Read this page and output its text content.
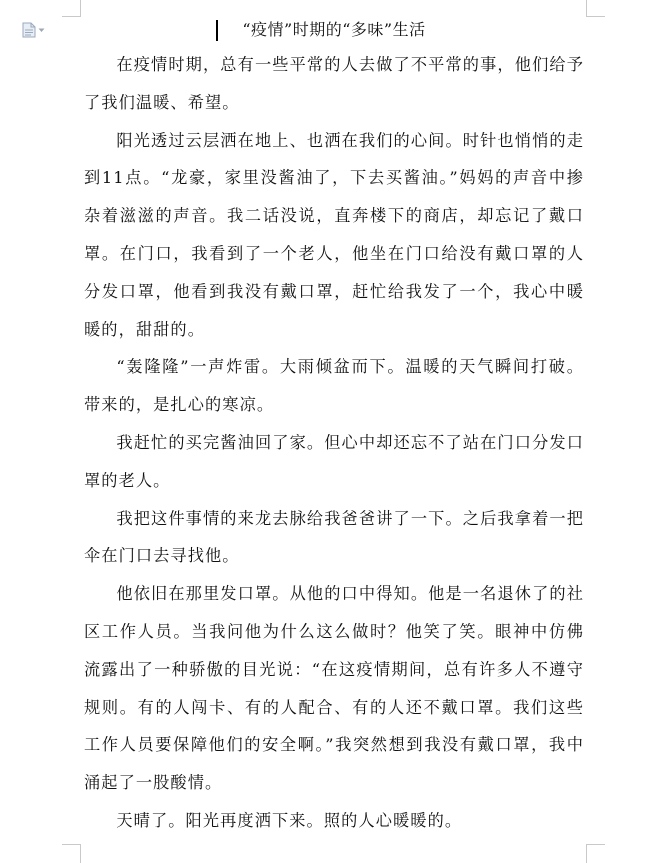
“疫情”时期的“多味”生活

在疫情时期，总有一些平常的人去做了不平常的事，他们给予了我们温暖、希望。

阳光透过云层洒在地上、也洒在我们的心间。时针也悄悄的走到11点。“龙豪，家里没酱油了，下去买酱油。”妈妈的声音中掺杂着滋滋的声音。我二话没说，直奔楼下的商店，却忘记了戴口罩。在门口，我看到了一个老人，他坐在门口给没有戴口罩的人分发口罩，他看到我没有戴口罩，赶忙给我发了一个，我心中暖暖的，甜甜的。

“轰隆隆”一声炸雷。大雨倾盆而下。温暖的天气瞬间打破。带来的，是扎心的寒凉。

我赶忙的买完酱油回了家。但心中却还忘不了站在门口分发口罩的老人。

我把这件事情的来龙去脉给我爸爸讲了一下。之后我拿着一把伞在门口去寻找他。

他依旧在那里发口罩。从他的口中得知。他是一名退休了的社区工作人员。当我问他为什么这么做时？他笑了笑。眼神中仿佛流露出了一种骄傲的目光说：“在这疫情期间，总有许多人不遵守规则。有的人闯卡、有的人配合、有的人还不戴口罩。我们这些工作人员要保障他们的安全啊。”我突然想到我没有戴口罩，我中涌起了一股酸情。

天晴了。阳光再度洒下来。照的人心暖暖的。
